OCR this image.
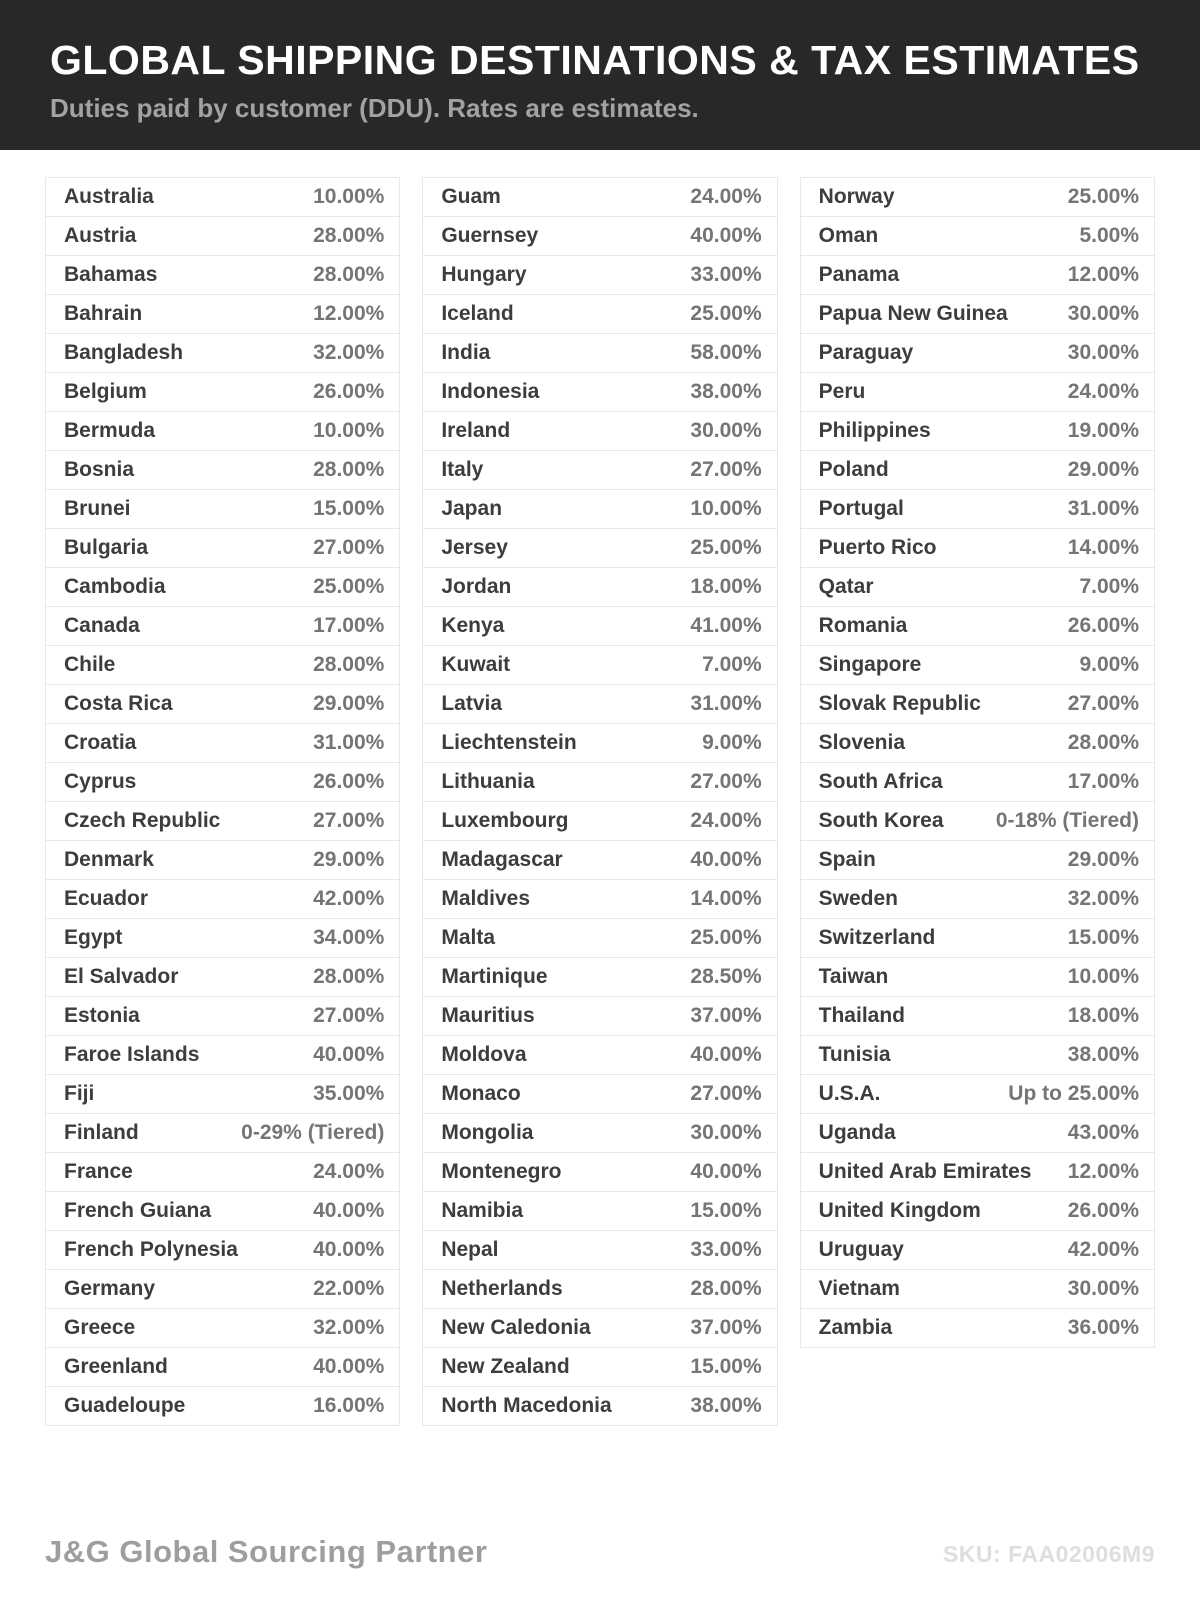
GLOBAL SHIPPING DESTINATIONS & TAX ESTIMATES
Duties paid by customer (DDU). Rates are estimates.
Australia	10.00%
Austria	28.00%
Bahamas	28.00%
Bahrain	12.00%
Bangladesh	32.00%
Belgium	26.00%
Bermuda	10.00%
Bosnia	28.00%
Brunei	15.00%
Bulgaria	27.00%
Cambodia	25.00%
Canada	17.00%
Chile	28.00%
Costa Rica	29.00%
Croatia	31.00%
Cyprus	26.00%
Czech Republic	27.00%
Denmark	29.00%
Ecuador	42.00%
Egypt	34.00%
El Salvador	28.00%
Estonia	27.00%
Faroe Islands	40.00%
Fiji	35.00%
Finland	0-29% (Tiered)
France	24.00%
French Guiana	40.00%
French Polynesia	40.00%
Germany	22.00%
Greece	32.00%
Greenland	40.00%
Guadeloupe	16.00%
Guam	24.00%
Guernsey	40.00%
Hungary	33.00%
Iceland	25.00%
India	58.00%
Indonesia	38.00%
Ireland	30.00%
Italy	27.00%
Japan	10.00%
Jersey	25.00%
Jordan	18.00%
Kenya	41.00%
Kuwait	7.00%
Latvia	31.00%
Liechtenstein	9.00%
Lithuania	27.00%
Luxembourg	24.00%
Madagascar	40.00%
Maldives	14.00%
Malta	25.00%
Martinique	28.50%
Mauritius	37.00%
Moldova	40.00%
Monaco	27.00%
Mongolia	30.00%
Montenegro	40.00%
Namibia	15.00%
Nepal	33.00%
Netherlands	28.00%
New Caledonia	37.00%
New Zealand	15.00%
North Macedonia	38.00%
Norway	25.00%
Oman	5.00%
Panama	12.00%
Papua New Guinea	30.00%
Paraguay	30.00%
Peru	24.00%
Philippines	19.00%
Poland	29.00%
Portugal	31.00%
Puerto Rico	14.00%
Qatar	7.00%
Romania	26.00%
Singapore	9.00%
Slovak Republic	27.00%
Slovenia	28.00%
South Africa	17.00%
South Korea 0-18% (Tiered)
Spain	29.00%
Sweden	32.00%
Switzerland	15.00%
Taiwan	10.00%
Thailand	18.00%
Tunisia	38.00%
U.S.A.	Up to 25.00%
Uganda	43.00%
United Arab Emirates 12.00%
United Kingdom	26.00%
Uruguay	42.00%
Vietnam	30.00%
Zambia	36.00%
J&G Global Sourcing Partner	SKU: FAA02006M9
